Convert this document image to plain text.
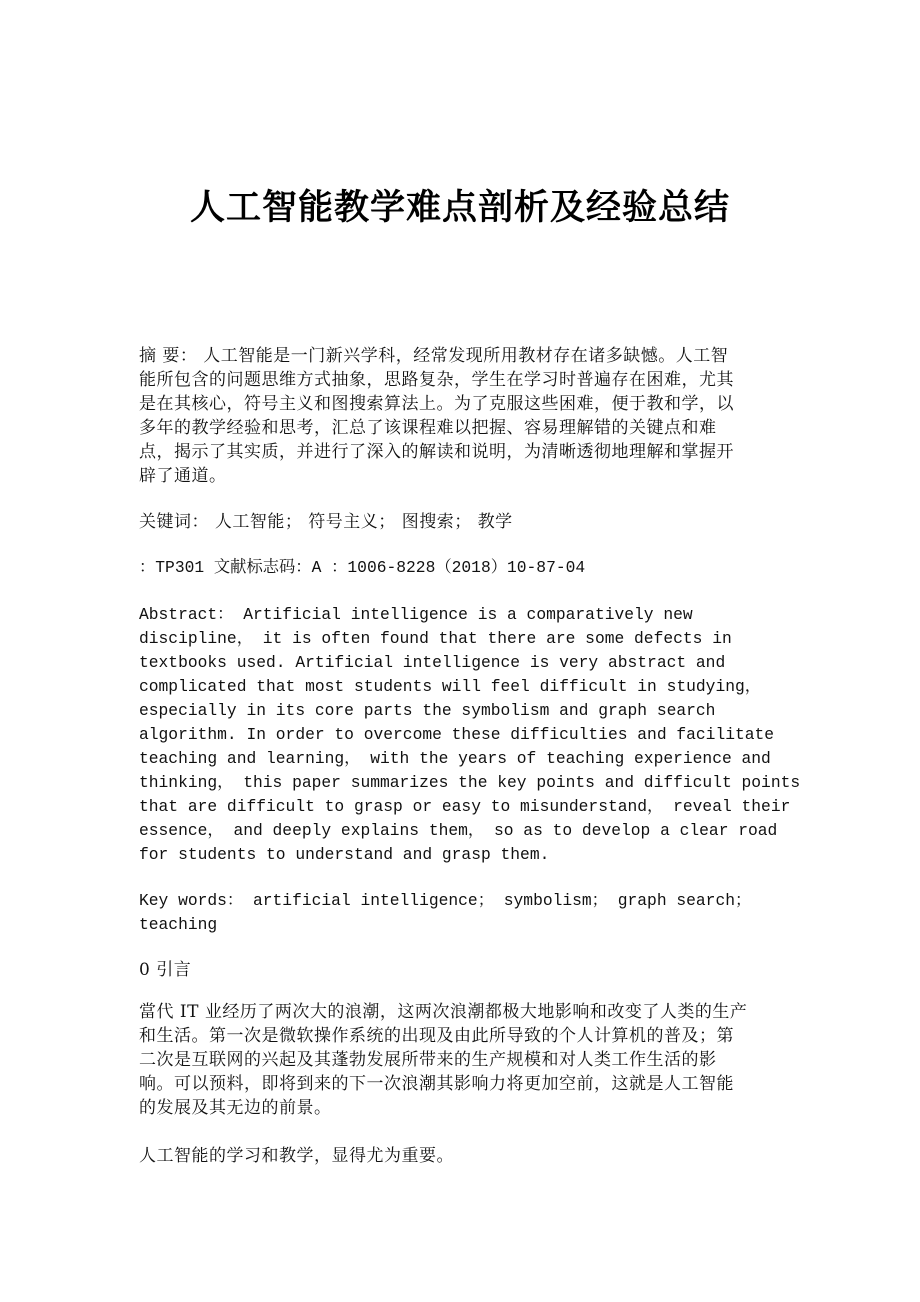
人工智能教学难点剖析及经验总结
摘 要： 人工智能是一门新兴学科，经常发现所用教材存在诸多缺憾。人工智
能所包含的问题思维方式抽象，思路复杂，学生在学习时普遍存在困难，尤其
是在其核心，符号主义和图搜索算法上。为了克服这些困难，便于教和学，以
多年的教学经验和思考，汇总了该课程难以把握、容易理解错的关键点和难
点，揭示了其实质，并进行了深入的解读和说明，为清晰透彻地理解和掌握开
辟了通道。
关键词： 人工智能； 符号主义； 图搜索； 教学
：TP301 文献标志码：A ：1006-8228（2018）10-87-04
Abstract： Artificial intelligence is a comparatively new
discipline， it is often found that there are some defects in
textbooks used. Artificial intelligence is very abstract and
complicated that most students will feel difficult in studying，
especially in its core parts the symbolism and graph search
algorithm. In order to overcome these difficulties and facilitate
teaching and learning， with the years of teaching experience and
thinking， this paper summarizes the key points and difficult points
that are difficult to grasp or easy to misunderstand， reveal their
essence， and deeply explains them， so as to develop a clear road
for students to understand and grasp them.
Key words： artificial intelligence； symbolism； graph search；
teaching
0 引言
當代 IT 业经历了两次大的浪潮，这两次浪潮都极大地影响和改变了人类的生产
和生活。第一次是微软操作系统的出现及由此所导致的个人计算机的普及；第
二次是互联网的兴起及其蓬勃发展所带来的生产规模和对人类工作生活的影
响。可以预料，即将到来的下一次浪潮其影响力将更加空前，这就是人工智能
的发展及其无边的前景。
人工智能的学习和教学，显得尤为重要。
